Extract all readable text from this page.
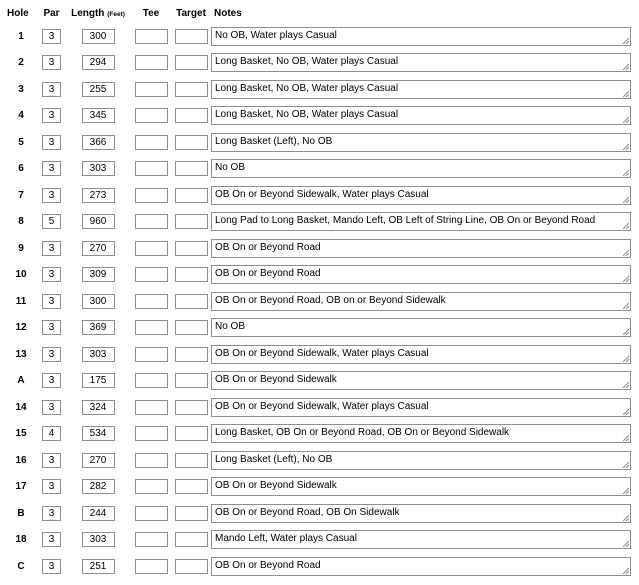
Hole	Par	Length (Feet)	Tee	Target	Notes
1	3	300			No OB, Water plays Casual

2	3	294			Long Basket, No OB, Water plays Casual

3	3	255			Long Basket, No OB, Water plays Casual

4	3	345			Long Basket, No OB, Water plays Casual

5	3	366			Long Basket (Left), No OB

6	3	303			No OB

7	3	273			OB On or Beyond Sidewalk, Water plays Casual

8	5	960			Long Pad to Long Basket, Mando Left, OB Left of String Line, OB On or Beyond Road

9	3	270			OB On or Beyond Road

10	3	309			OB On or Beyond Road

11	3	300			OB On or Beyond Road, OB on or Beyond Sidewalk

12	3	369			No OB

13	3	303			OB On or Beyond Sidewalk, Water plays Casual

A	3	175			OB On or Beyond Sidewalk

14	3	324			OB On or Beyond Sidewalk, Water plays Casual

15	4	534			Long Basket, OB On or Beyond Road, OB On or Beyond Sidewalk

16	3	270			Long Basket (Left), No OB

17	3	282			OB On or Beyond Sidewalk

B	3	244			OB On or Beyond Road, OB On Sidewalk

18	3	303			Mando Left, Water plays Casual

C	3	251			OB On or Beyond Road
